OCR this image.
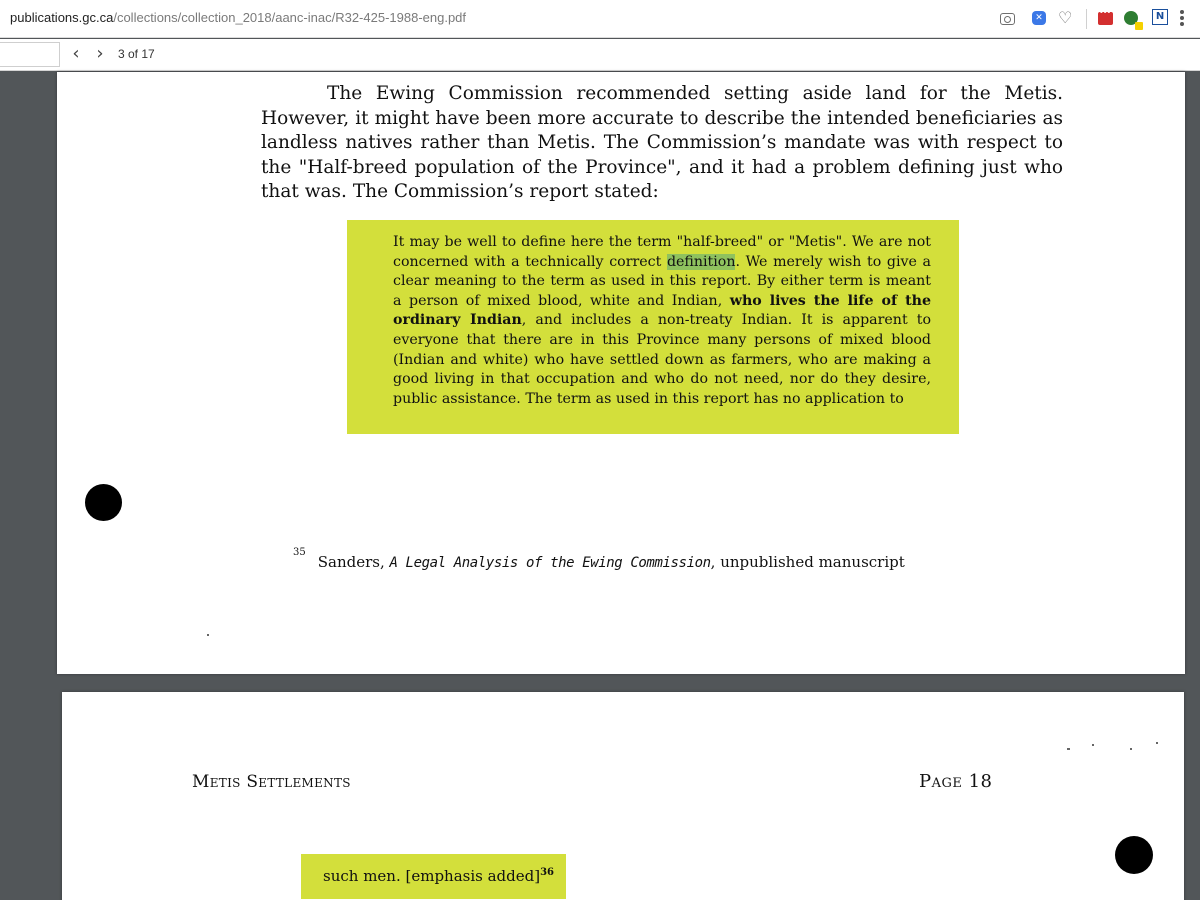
publications.gc.ca/collections/collection_2018/aanc-inac/R32-425-1988-eng.pdf	✕ ♡
•••	N
‹ ›	3 of 17

The Ewing Commission recommended setting aside land for the Metis. However, it might have been more accurate to describe the intended beneficiaries as landless natives rather than Metis. The Commission’s mandate was with respect to the "Half-breed population of the Province", and it had a problem defining just who that was. The Commission’s report stated:

It may be well to define here the term "half-breed" or "Metis". We are not concerned with a technically correct definition. We merely wish to give a clear meaning to the term as used in this report. By either term is meant a person of mixed blood, white and Indian, who lives the life of the ordinary Indian, and includes a non-treaty Indian. It is apparent to everyone that there are in this Province many persons of mixed blood (Indian and white) who have settled down as farmers, who are making a good living in that occupation and who do not need, nor do they desire, public assistance. The term as used in this report has no application to

$^{35}$Sanders, A Legal Analysis of the Ewing Commission, unpublished manuscript
Metis Settlements	Page 18
such men. [emphasis added]$^{36}$
